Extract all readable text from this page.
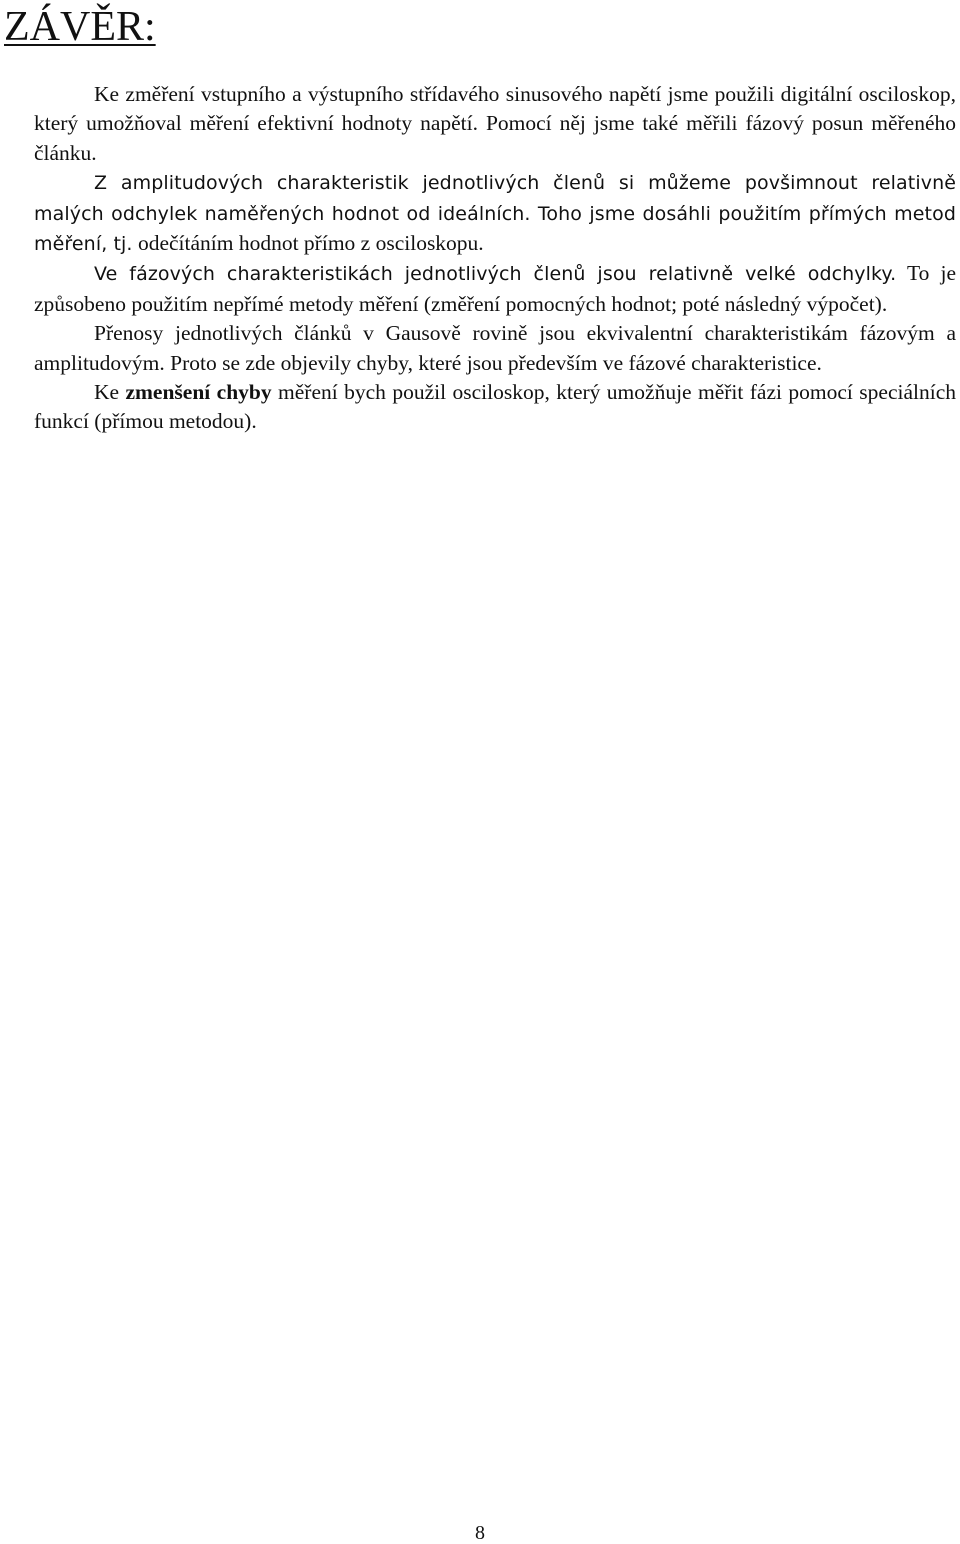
ZÁVĚR:

Ke změření vstupního a výstupního střídavého sinusového napětí jsme použili digitální osciloskop, který umožňoval měření efektivní hodnoty napětí. Pomocí něj jsme také měřili fázový posun měřeného článku.

Z amplitudových charakteristik jednotlivých členů si můžeme povšimnout relativně malých odchylek naměřených hodnot od ideálních. Toho jsme dosáhli použitím přímých metod měření, tj. odečítáním hodnot přímo z osciloskopu.

Ve fázových charakteristikách jednotlivých členů jsou relativně velké odchylky. To je způsobeno použitím nepřímé metody měření (změření pomocných hodnot; poté následný výpočet).

Přenosy jednotlivých článků v Gausově rovině jsou ekvivalentní charakteristikám fázovým a amplitudovým. Proto se zde objevily chyby, které jsou především ve fázové charakteristice.

Ke zmenšení chyby měření bych použil osciloskop, který umožňuje měřit fázi pomocí speciálních funkcí (přímou metodou).

8
